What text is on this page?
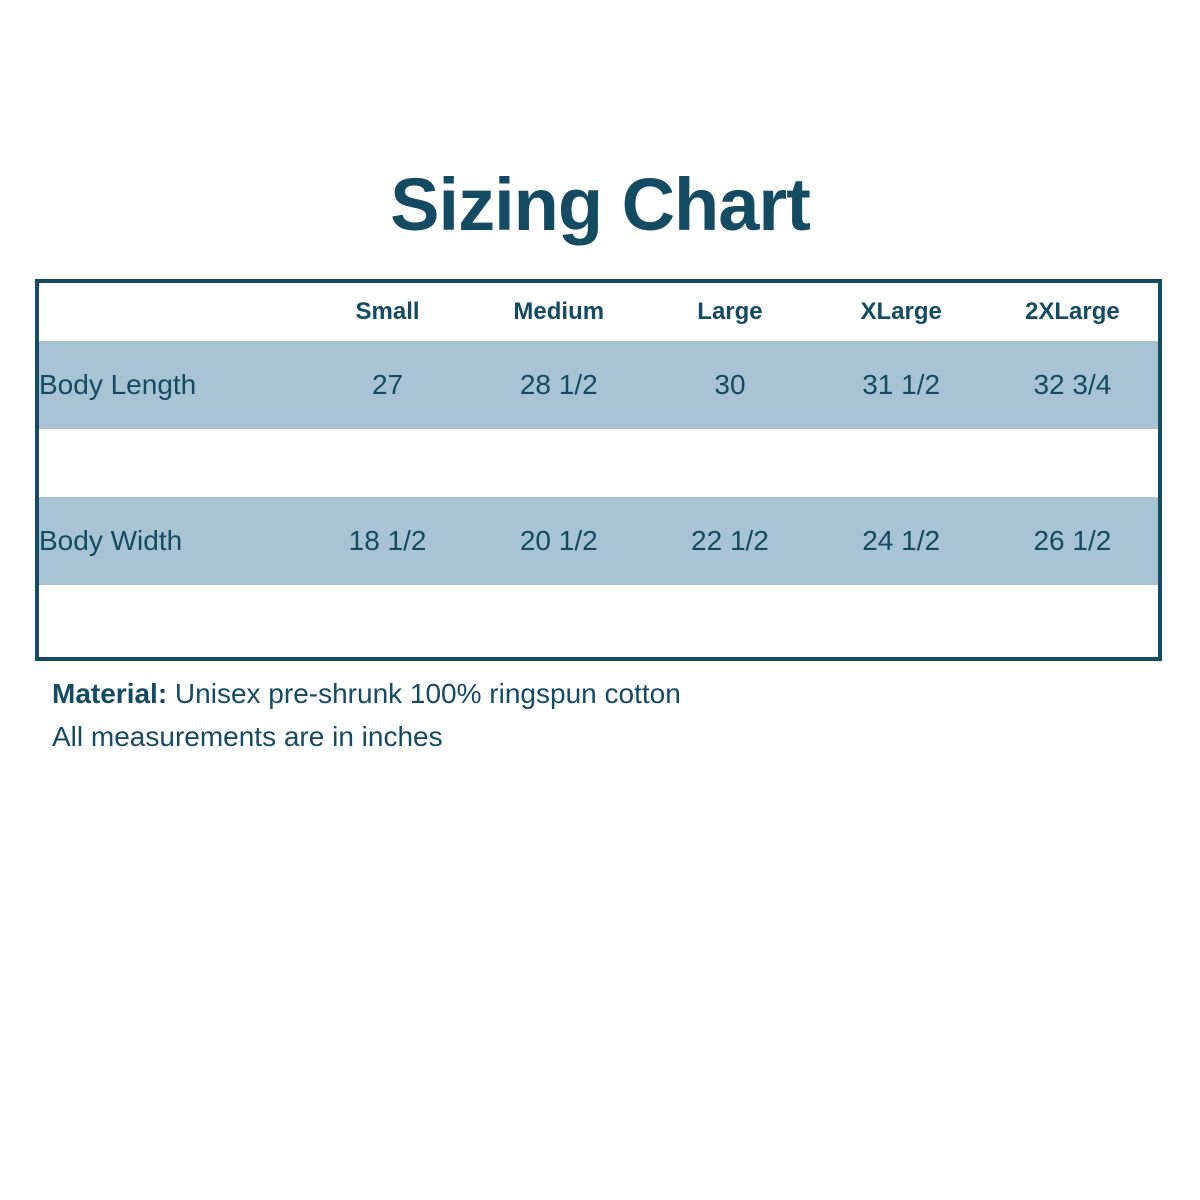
Sizing Chart
	Small	Medium	Large	XLarge	2XLarge
Body Length	27	28 1/2	30	31 1/2	32 3/4

Body Width	18 1/2	20 1/2	22 1/2	24 1/2	26 1/2

Material: Unisex pre-shrunk 100% ringspun cotton
All measurements are in inches
